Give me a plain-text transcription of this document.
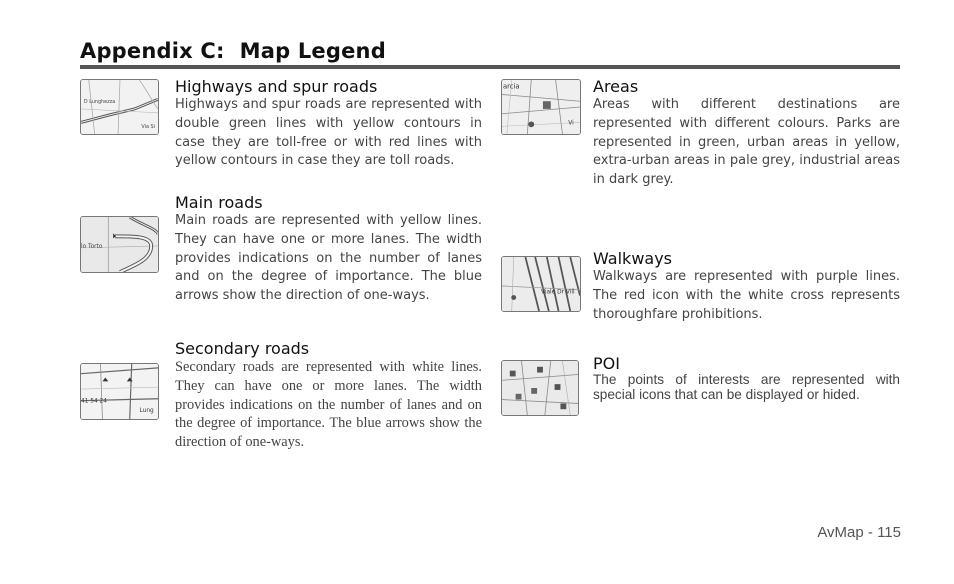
Appendix C:  Map Legend
D Lunghezza
Via Si
Highways and spur roads

Highways and spur roads are represented with double green lines with yellow contours in case they are toll-free or with red lines with yellow contours in case they are toll roads.

lo Torto
Main roads

Main roads are represented with yellow lines. They can have one or more lanes. The width provides indications on the number of lanes and on the degree of importance. The blue arrows show the direction of one-ways.

41 54 24
Lung
Secondary roads

Secondary roads are represented with white lines. They can have one or more lanes. The width provides indications on the number of lanes and on the degree of importance. The blue arrows show the direction of one-ways.

arcia
Vi
Areas

Areas with different destinations are represented with different colours. Parks are represented in green, urban areas in yellow, extra-urban areas in pale grey, industrial areas in dark grey.

Viale Dr Vill
Walkways

Walkways are represented with purple lines. The red icon with the white cross represents thoroughfare prohibitions.

POI

The points of interests are represented with special icons that can be displayed or hided.

AvMap - 115
